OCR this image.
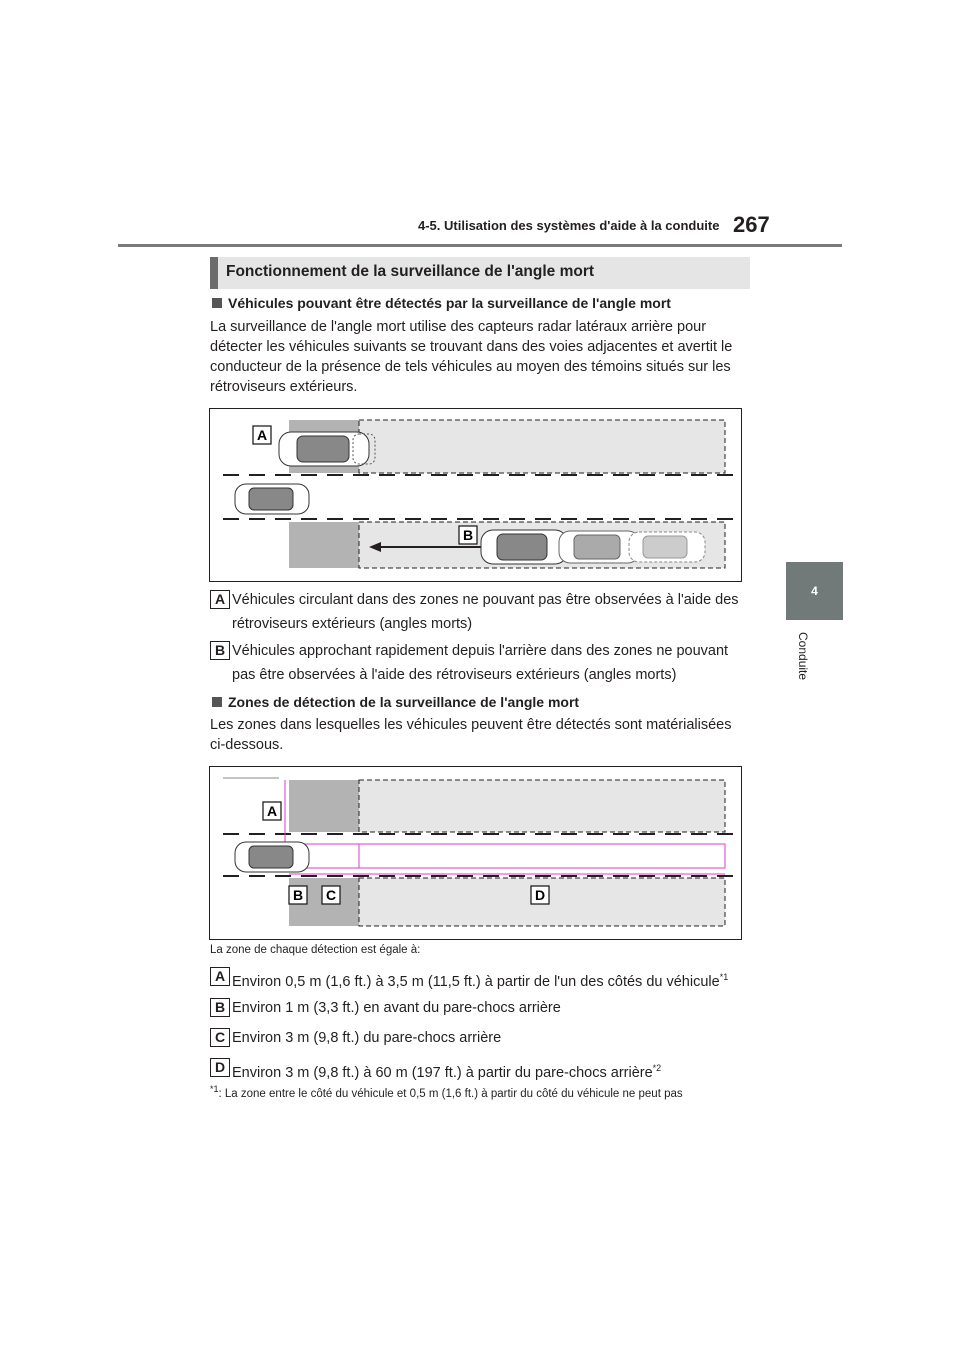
4-5. Utilisation des systèmes d'aide à la conduite 267
4
Conduite
Fonctionnement de la surveillance de l'angle mort
Véhicules pouvant être détectés par la surveillance de l'angle mort
La surveillance de l'angle mort utilise des capteurs radar latéraux arrière pour
détecter les véhicules suivants se trouvant dans des voies adjacentes et avertit le
conducteur de la présence de tels véhicules au moyen des témoins situés sur les
rétroviseurs extérieurs.
A
B
A Véhicules circulant dans des zones ne pouvant pas être observées à l'aide des
rétroviseurs extérieurs (angles morts)
B Véhicules approchant rapidement depuis l'arrière dans des zones ne pouvant
pas être observées à l'aide des rétroviseurs extérieurs (angles morts)
Zones de détection de la surveillance de l'angle mort
Les zones dans lesquelles les véhicules peuvent être détectés sont matérialisées
ci-dessous.
A
B C	D
La zone de chaque détection est égale à:
A Environ 0,5 m (1,6 ft.) à 3,5 m (11,5 ft.) à partir de l'un des côtés du véhicule$^{*1}$
B Environ 1 m (3,3 ft.) en avant du pare-chocs arrière
C Environ 3 m (9,8 ft.) du pare-chocs arrière
D Environ 3 m (9,8 ft.) à 60 m (197 ft.) à partir du pare-chocs arrière$^{*2}$
$^{*1}$: La zone entre le côté du véhicule et 0,5 m (1,6 ft.) à partir du côté du véhicule ne peut pas
